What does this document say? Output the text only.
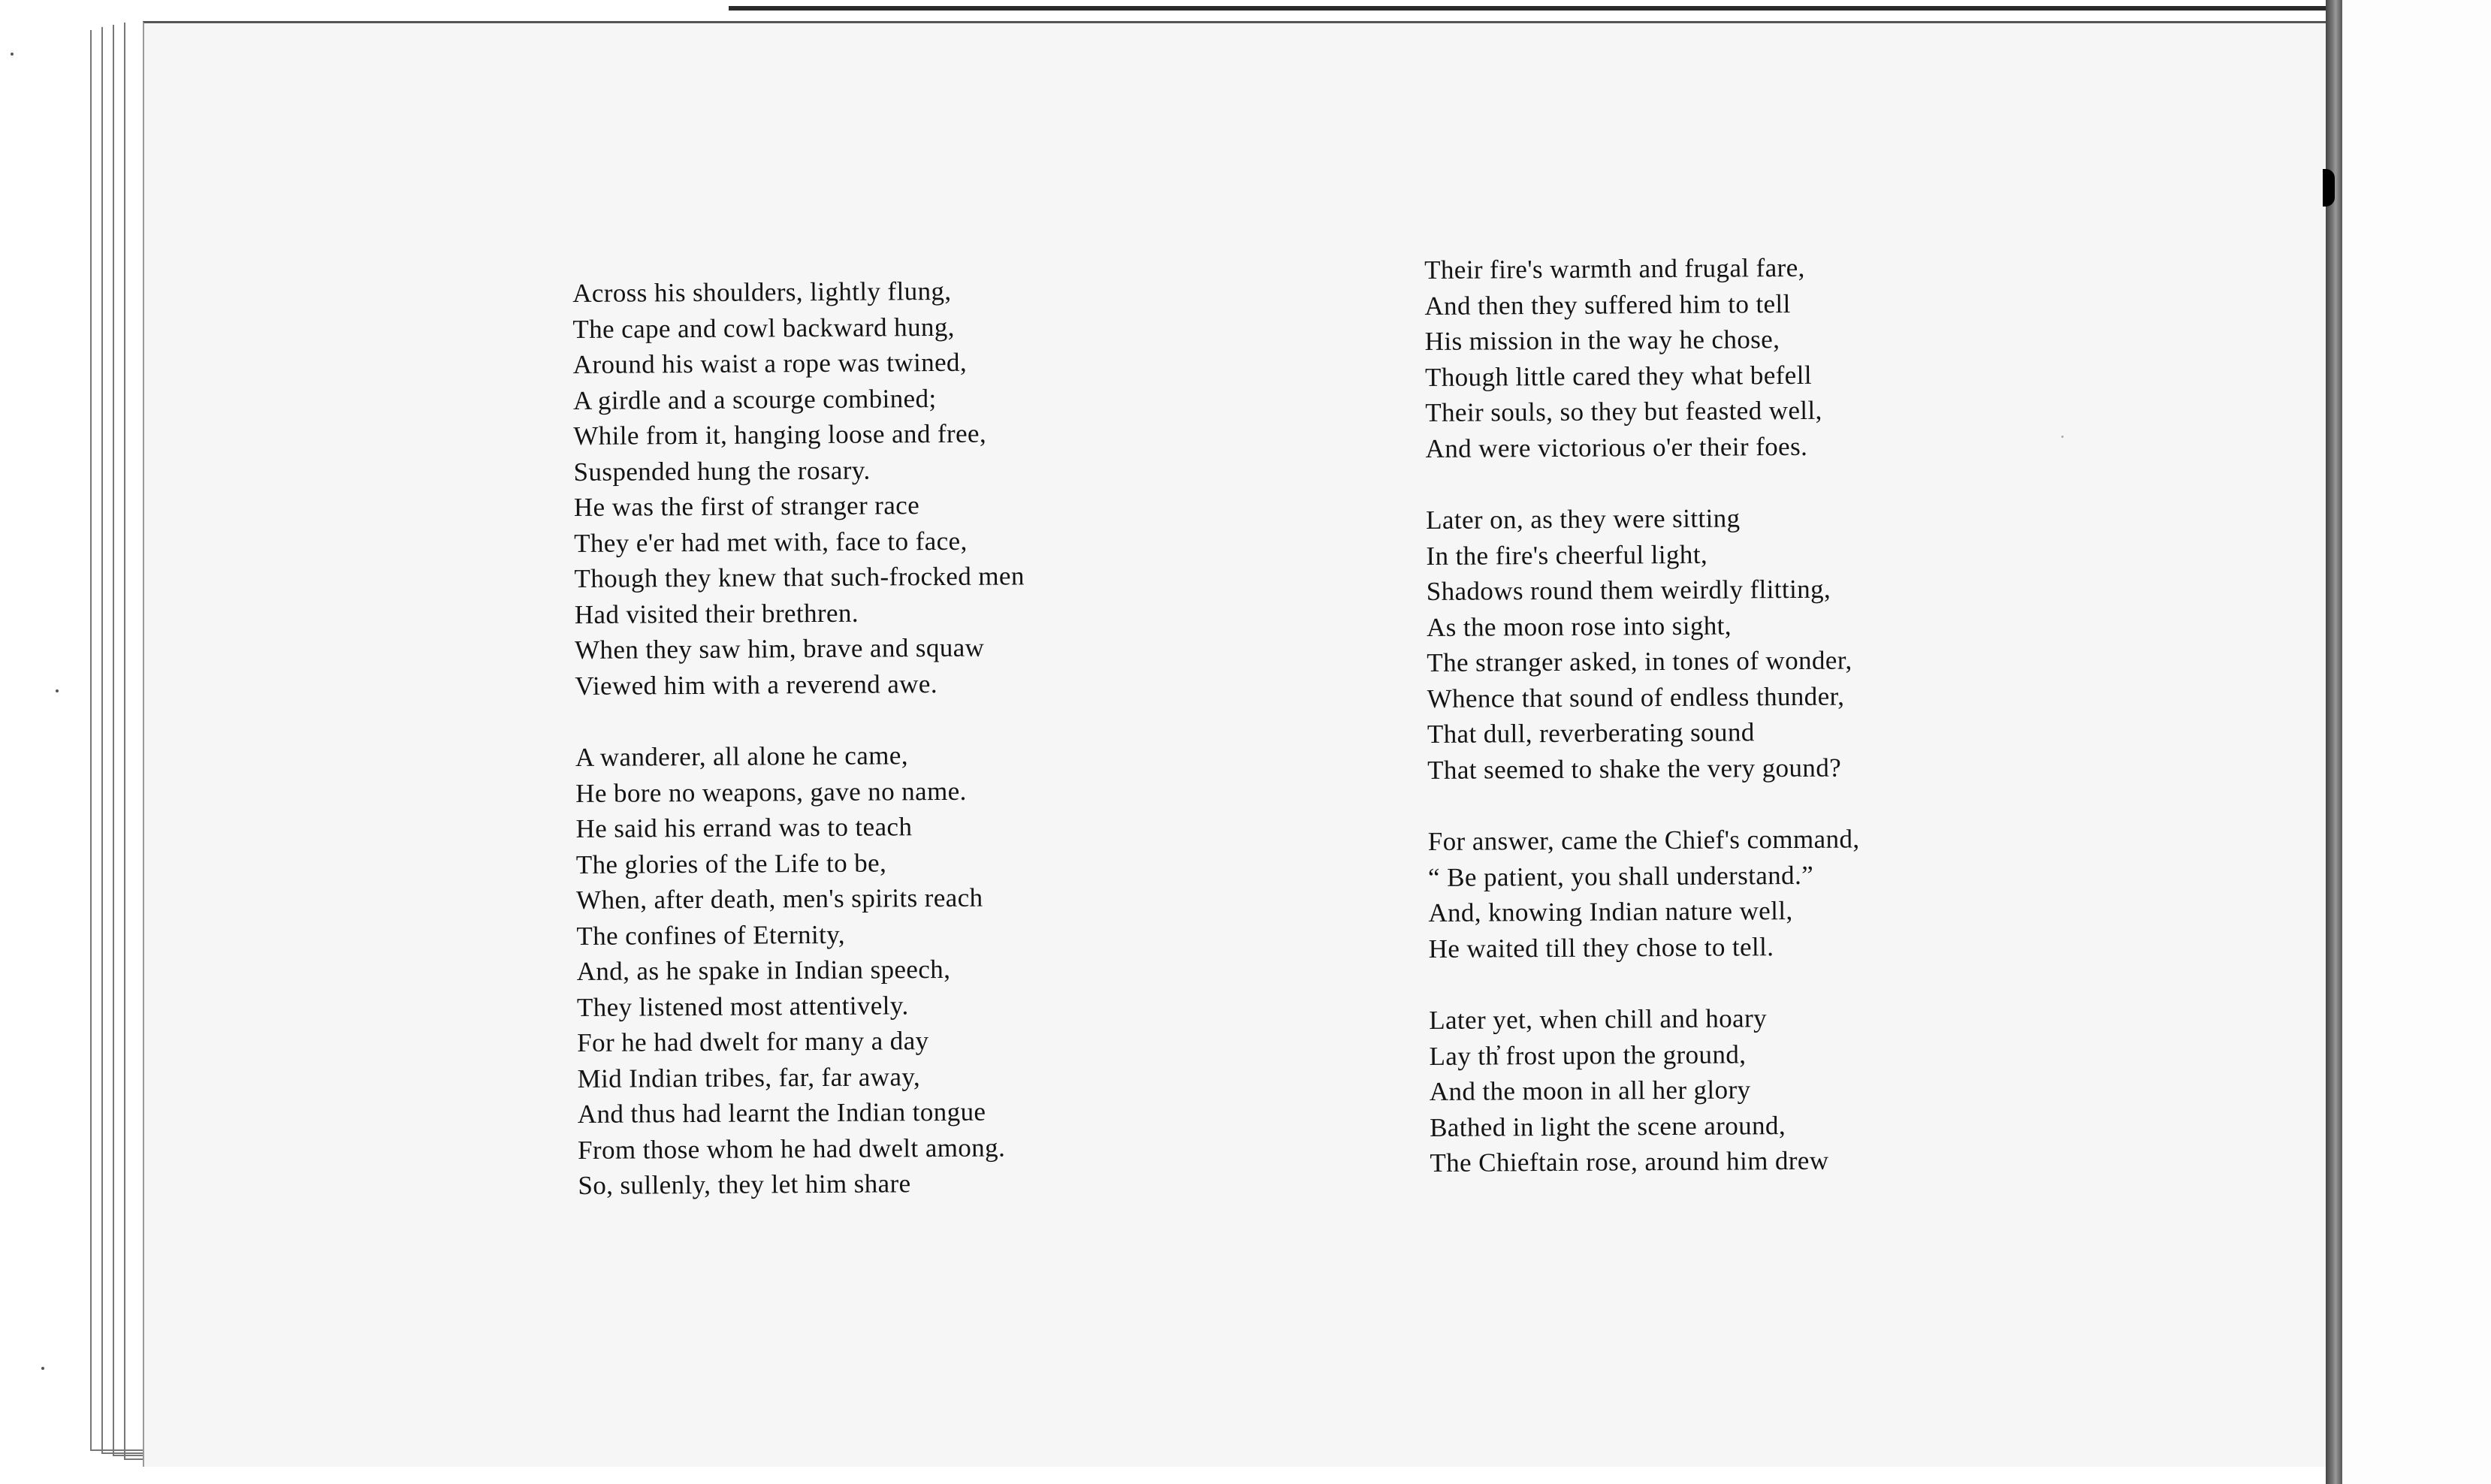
Across his shoulders, lightly flung,
The cape and cowl backward hung,
Around his waist a rope was twined,
A girdle and a scourge combined;
While from it, hanging loose and free,
Suspended hung the rosary.
He was the first of stranger race
They e'er had met with, face to face,
Though they knew that such-frocked men
Had visited their brethren.
When they saw him, brave and squaw
Viewed him with a reverend awe.
A wanderer, all alone he came,
He bore no weapons, gave no name.
He said his errand was to teach
The glories of the Life to be,
When, after death, men's spirits reach
The confines of Eternity,
And, as he spake in Indian speech,
They listened most attentively.
For he had dwelt for many a day
Mid Indian tribes, far, far away,
And thus had learnt the Indian tongue
From those whom he had dwelt among.
So, sullenly, they let him share
Their fire's warmth and frugal fare,
And then they suffered him to tell
His mission in the way he chose,
Though little cared they what befell
Their souls, so they but feasted well,
And were victorious o'er their foes.
Later on, as they were sitting
In the fire's cheerful light,
Shadows round them weirdly flitting,
As the moon rose into sight,
The stranger asked, in tones of wonder,
Whence that sound of endless thunder,
That dull, reverberating sound
That seemed to shake the very gound?
For answer, came the Chief's command,
“ Be patient, you shall understand.”
And, knowing Indian nature well,
He waited till they chose to tell.
Later yet, when chill and hoary
Lay th̓ frost upon the ground,
And the moon in all her glory
Bathed in light the scene around,
The Chieftain rose, around him drew
